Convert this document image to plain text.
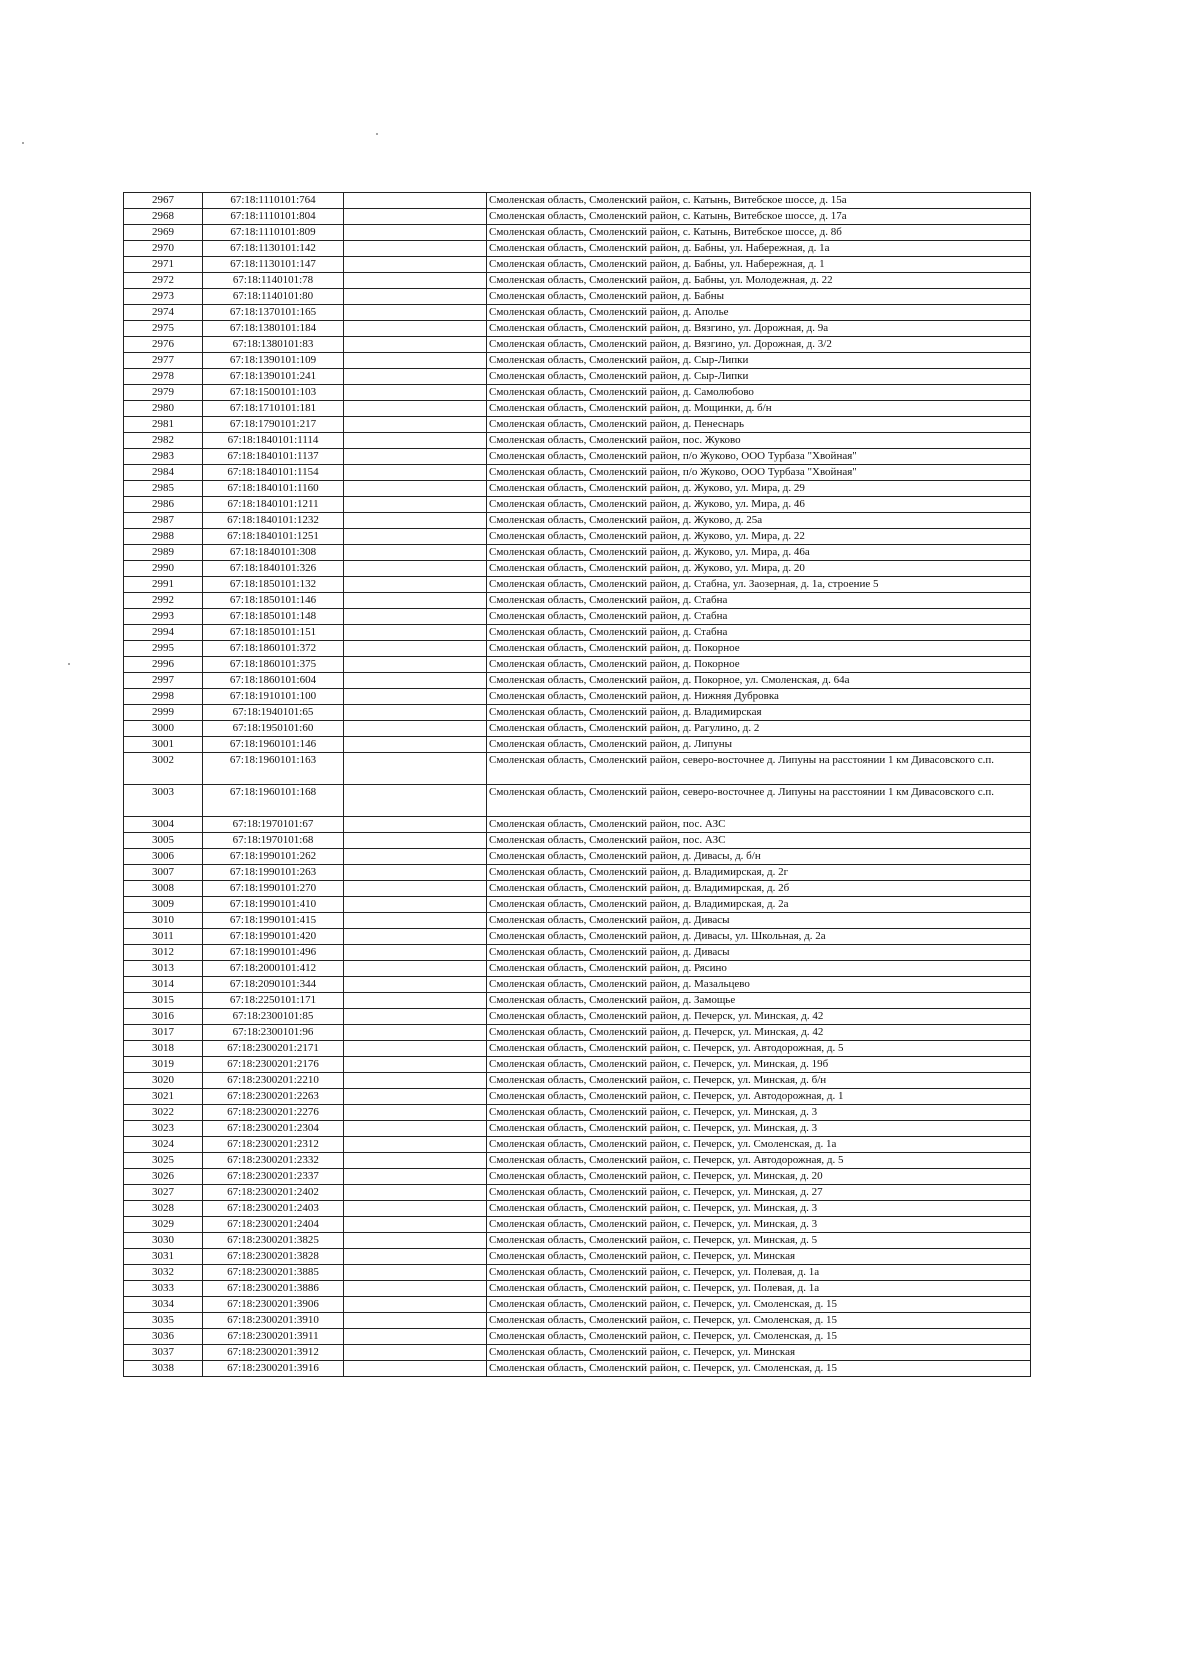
2967	67:18:1110101:764		Смоленская область, Смоленский район, с. Катынь, Витебское шоссе, д. 15а
2968	67:18:1110101:804		Смоленская область, Смоленский район, с. Катынь, Витебское шоссе, д. 17а
2969	67:18:1110101:809		Смоленская область, Смоленский район, с. Катынь, Витебское шоссе, д. 8б
2970	67:18:1130101:142		Смоленская область, Смоленский район, д. Бабны, ул. Набережная, д. 1а
2971	67:18:1130101:147		Смоленская область, Смоленский район, д. Бабны, ул. Набережная, д. 1
2972	67:18:1140101:78		Смоленская область, Смоленский район, д. Бабны, ул. Молодежная, д. 22
2973	67:18:1140101:80		Смоленская область, Смоленский район, д. Бабны
2974	67:18:1370101:165		Смоленская область, Смоленский район, д. Аполье
2975	67:18:1380101:184		Смоленская область, Смоленский район, д. Вязгино, ул. Дорожная, д. 9а
2976	67:18:1380101:83		Смоленская область, Смоленский район, д. Вязгино, ул. Дорожная, д. 3/2
2977	67:18:1390101:109		Смоленская область, Смоленский район, д. Сыр-Липки
2978	67:18:1390101:241		Смоленская область, Смоленский район, д. Сыр-Липки
2979	67:18:1500101:103		Смоленская область, Смоленский район, д. Самолюбово
2980	67:18:1710101:181		Смоленская область, Смоленский район, д. Мощинки, д. б/н
2981	67:18:1790101:217		Смоленская область, Смоленский район, д. Пенеснарь
2982	67:18:1840101:1114		Смоленская область, Смоленский район, пос. Жуково
2983	67:18:1840101:1137		Смоленская область, Смоленский район, п/о Жуково, ООО Турбаза "Хвойная"
2984	67:18:1840101:1154		Смоленская область, Смоленский район, п/о Жуково, ООО Турбаза "Хвойная"
2985	67:18:1840101:1160		Смоленская область, Смоленский район, д. Жуково, ул. Мира, д. 29
2986	67:18:1840101:1211		Смоленская область, Смоленский район, д. Жуково, ул. Мира, д. 46
2987	67:18:1840101:1232		Смоленская область, Смоленский район, д. Жуково, д. 25а
2988	67:18:1840101:1251		Смоленская область, Смоленский район, д. Жуково, ул. Мира, д. 22
2989	67:18:1840101:308		Смоленская область, Смоленский район, д. Жуково, ул. Мира, д. 46а
2990	67:18:1840101:326		Смоленская область, Смоленский район, д. Жуково, ул. Мира, д. 20
2991	67:18:1850101:132		Смоленская область, Смоленский район, д. Стабна, ул. Заозерная, д. 1а, строение 5
2992	67:18:1850101:146		Смоленская область, Смоленский район, д. Стабна
2993	67:18:1850101:148		Смоленская область, Смоленский район, д. Стабна
2994	67:18:1850101:151		Смоленская область, Смоленский район, д. Стабна
2995	67:18:1860101:372		Смоленская область, Смоленский район, д. Покорное
2996	67:18:1860101:375		Смоленская область, Смоленский район, д. Покорное
2997	67:18:1860101:604		Смоленская область, Смоленский район, д. Покорное, ул. Смоленская, д. 64а
2998	67:18:1910101:100		Смоленская область, Смоленский район, д. Нижняя Дубровка
2999	67:18:1940101:65		Смоленская область, Смоленский район, д. Владимирская
3000	67:18:1950101:60		Смоленская область, Смоленский район, д. Рагулино, д. 2
3001	67:18:1960101:146		Смоленская область, Смоленский район, д. Липуны
3002	67:18:1960101:163		Смоленская область, Смоленский район, северо-восточнее д. Липуны на расстоянии 1 км Дивасовского с.п.
3003	67:18:1960101:168		Смоленская область, Смоленский район, северо-восточнее д. Липуны на расстоянии 1 км Дивасовского с.п.
3004	67:18:1970101:67		Смоленская область, Смоленский район, пос. АЗС
3005	67:18:1970101:68		Смоленская область, Смоленский район, пос. АЗС
3006	67:18:1990101:262		Смоленская область, Смоленский район, д. Дивасы, д. б/н
3007	67:18:1990101:263		Смоленская область, Смоленский район, д. Владимирская, д. 2г
3008	67:18:1990101:270		Смоленская область, Смоленский район, д. Владимирская, д. 2б
3009	67:18:1990101:410		Смоленская область, Смоленский район, д. Владимирская, д. 2а
3010	67:18:1990101:415		Смоленская область, Смоленский район, д. Дивасы
3011	67:18:1990101:420		Смоленская область, Смоленский район, д. Дивасы, ул. Школьная, д. 2а
3012	67:18:1990101:496		Смоленская область, Смоленский район, д. Дивасы
3013	67:18:2000101:412		Смоленская область, Смоленский район, д. Рясино
3014	67:18:2090101:344		Смоленская область, Смоленский район, д. Мазальцево
3015	67:18:2250101:171		Смоленская область, Смоленский район, д. Замощье
3016	67:18:2300101:85		Смоленская область, Смоленский район, д. Печерск, ул. Минская, д. 42
3017	67:18:2300101:96		Смоленская область, Смоленский район, д. Печерск, ул. Минская, д. 42
3018	67:18:2300201:2171		Смоленская область, Смоленский район, с. Печерск, ул. Автодорожная, д. 5
3019	67:18:2300201:2176		Смоленская область, Смоленский район, с. Печерск, ул. Минская, д. 19б
3020	67:18:2300201:2210		Смоленская область, Смоленский район, с. Печерск, ул. Минская, д. б/н
3021	67:18:2300201:2263		Смоленская область, Смоленский район, с. Печерск, ул. Автодорожная, д. 1
3022	67:18:2300201:2276		Смоленская область, Смоленский район, с. Печерск, ул. Минская, д. 3
3023	67:18:2300201:2304		Смоленская область, Смоленский район, с. Печерск, ул. Минская, д. 3
3024	67:18:2300201:2312		Смоленская область, Смоленский район, с. Печерск, ул. Смоленская, д. 1а
3025	67:18:2300201:2332		Смоленская область, Смоленский район, с. Печерск, ул. Автодорожная, д. 5
3026	67:18:2300201:2337		Смоленская область, Смоленский район, с. Печерск, ул. Минская, д. 20
3027	67:18:2300201:2402		Смоленская область, Смоленский район, с. Печерск, ул. Минская, д. 27
3028	67:18:2300201:2403		Смоленская область, Смоленский район, с. Печерск, ул. Минская, д. 3
3029	67:18:2300201:2404		Смоленская область, Смоленский район, с. Печерск, ул. Минская, д. 3
3030	67:18:2300201:3825		Смоленская область, Смоленский район, с. Печерск, ул. Минская, д. 5
3031	67:18:2300201:3828		Смоленская область, Смоленский район, с. Печерск, ул. Минская
3032	67:18:2300201:3885		Смоленская область, Смоленский район, с. Печерск, ул. Полевая, д. 1а
3033	67:18:2300201:3886		Смоленская область, Смоленский район, с. Печерск, ул. Полевая, д. 1а
3034	67:18:2300201:3906		Смоленская область, Смоленский район, с. Печерск, ул. Смоленская, д. 15
3035	67:18:2300201:3910		Смоленская область, Смоленский район, с. Печерск, ул. Смоленская, д. 15
3036	67:18:2300201:3911		Смоленская область, Смоленский район, с. Печерск, ул. Смоленская, д. 15
3037	67:18:2300201:3912		Смоленская область, Смоленский район, с. Печерск, ул. Минская
3038	67:18:2300201:3916		Смоленская область, Смоленский район, с. Печерск, ул. Смоленская, д. 15
